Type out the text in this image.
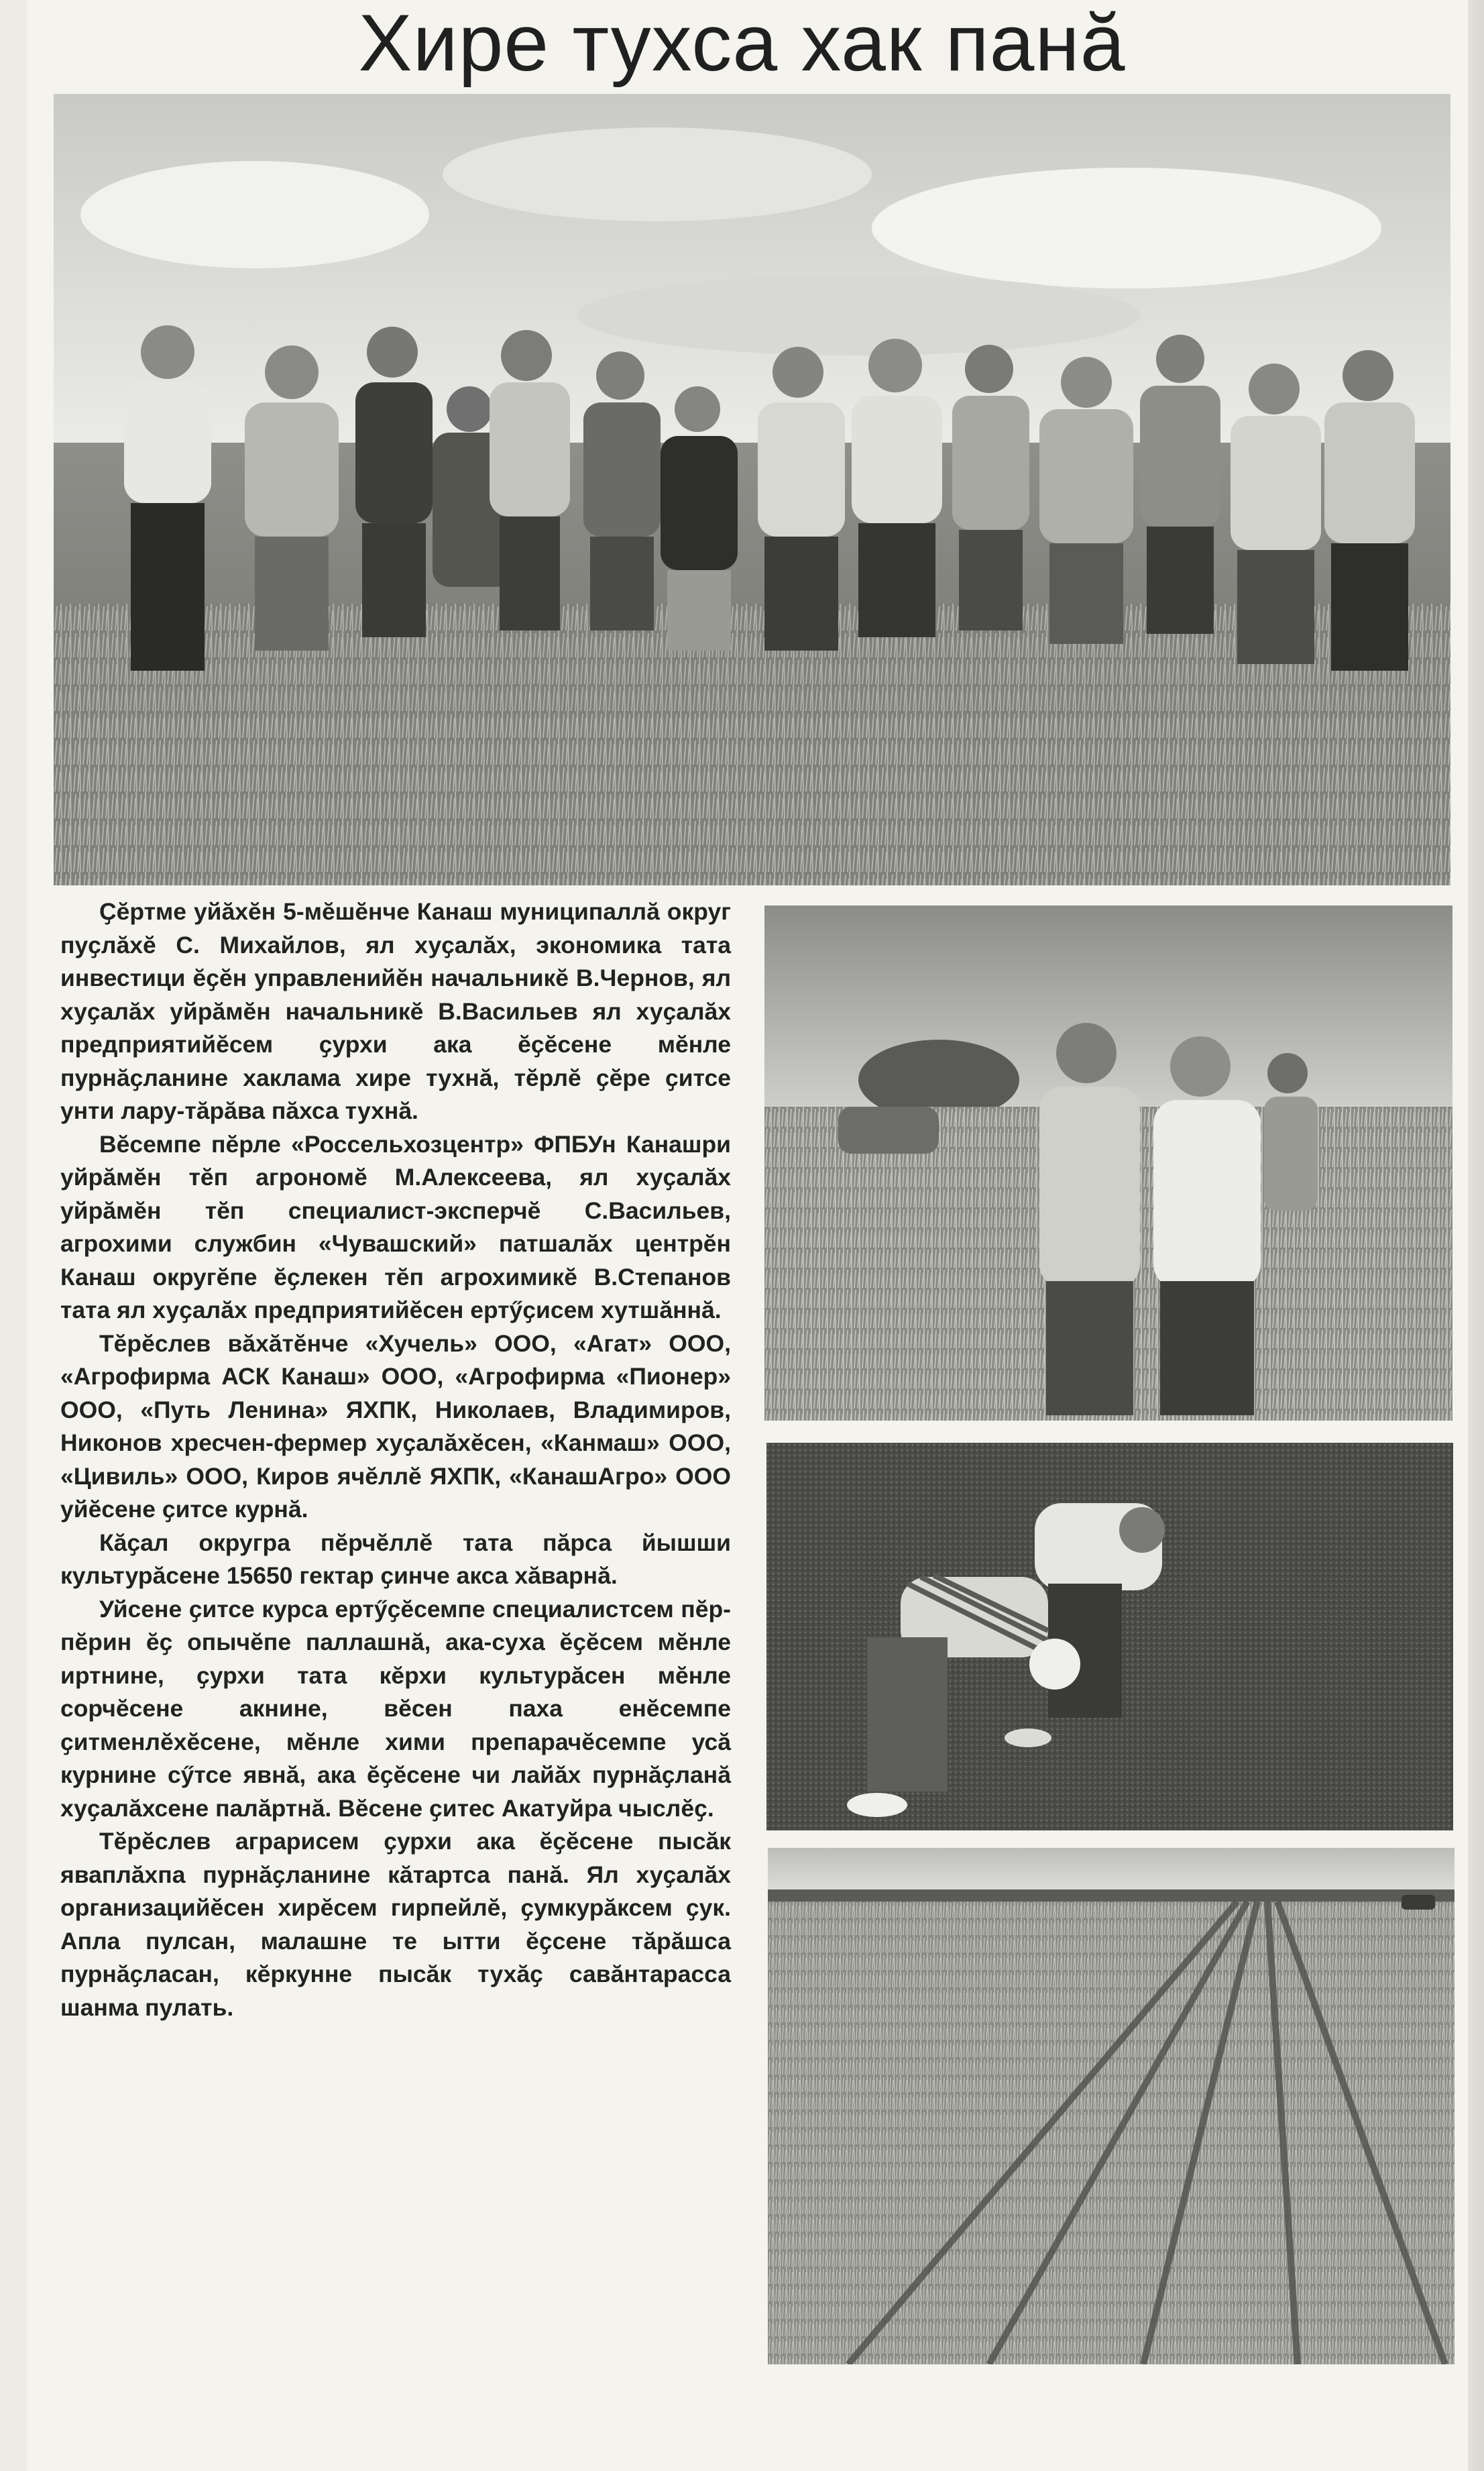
Хире тухса хак панӑ

Ҫӗртме уйӑхӗн 5-мӗшӗнче Канаш муниципаллӑ округ пуҫлӑхӗ С. Михайлов, ял хуҫалӑх, экономика тата инвестици ӗҫӗн управленийӗн начальникӗ В.Чернов, ял хуҫалӑх уйрӑмӗн начальникӗ В.Васильев ял хуҫалӑх предприятийӗсем ҫурхи ака ӗҫӗсене мӗнле пурнӑҫланине хаклама хире тухнӑ, тӗрлӗ ҫӗре ҫитсе унти лару-тӑрӑва пӑхса тухнӑ.

Вӗсемпе пӗрле «Россельхозцентр» ФПБУн Канашри уйрӑмӗн тӗп агрономӗ М.Алексеева, ял хуҫалӑх уйрӑмӗн тӗп специалист-эксперчӗ С.Васильев, агрохими службин «Чувашский» патшалӑх центрӗн Канаш округӗпе ӗҫлекен тӗп агрохимикӗ В.Степанов тата ял хуҫалӑх предприятийӗсен ертӳҫисем хутшӑннӑ.

Тӗрӗслев вӑхӑтӗнче «Хучель» ООО, «Агат» ООО, «Агрофирма АСК Канаш» ООО, «Агрофирма «Пионер» ООО, «Путь Ленина» ЯХПК, Николаев, Владимиров, Никонов хресчен-фермер хуҫалӑхӗсен, «Канмаш» ООО, «Цивиль» ООО, Киров ячӗллӗ ЯХПК, «КанашАгро» ООО уйӗсене ҫитсе курнӑ.

Кӑҫал округра пӗрчӗллӗ тата пӑрса йышши культурӑсене 15650 гектар ҫинче акса хӑварнӑ.

Уйсене ҫитсе курса ертӳҫӗсемпе специалистсем пӗр-пӗрин ӗҫ опычӗпе паллашнӑ, ака-суха ӗҫӗсем мӗнле иртнине, ҫурхи тата кӗрхи культурӑсен мӗнле сорчӗсене акнине, вӗсен паха енӗсемпе ҫитменлӗхӗсене, мӗнле хими препарачӗсемпе усӑ курнине сӳтсе явнӑ, ака ӗҫӗсене чи лайӑх пурнӑҫланӑ хуҫалӑхсене палӑртнӑ. Вӗсене ҫитес Акатуйра чыслӗҫ.

Тӗрӗслев аграрисем ҫурхи ака ӗҫӗсене пысӑк яваплӑхпа пурнӑҫланине кӑтартса панӑ. Ял хуҫалӑх организацийӗсен хирӗсем гирпейлӗ, ҫумкурӑксем ҫук. Апла пулсан, малашне те ытти ӗҫсене тӑрӑшса пурнӑҫласан, кӗркунне пысӑк тухӑҫ савӑнтарасса шанма пулать.
